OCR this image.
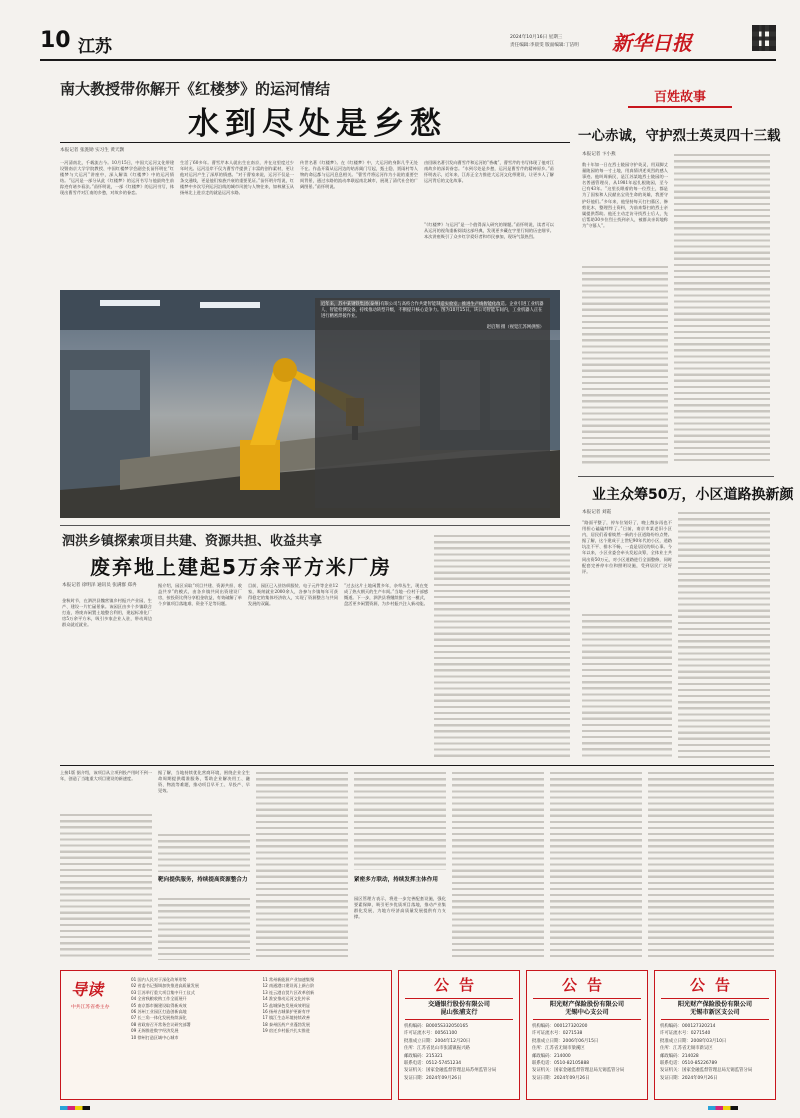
10 江苏	2024年10月16日 星期三
责任编辑:李晨雯 版面编辑:丁洁明 新华日报
南大教授带你解开《红楼梦》的运河情结
水到尽处是乡愁
本报记者 张洮勋 实习生 黄天颢
一河清南北，千载流古今。10月15日，中国大运河文化带建设暨南京大学学院教授、中国红楼梦学会副会长苗怀明在“红楼梦与大运河”讲座中，深入解读《红楼梦》中的运河情结。“运河是一部分从此《红楼梦》的运河书写与他最终生前踪迹有诸多看法。”苗怀明说，一部《红楼梦》的运河书写，体现出曹雪芹对江南的乡愁，对故乡的眷恋。
生活了60多年。曹雪芹本人就出生在南京，并在这里度过少年时光。运河沿岸不仅为曹雪芹提供了丰富的创作素材，更让他对运河产生了深厚的情感。“对于曹家来说，运河不仅是一条交通线，更是他们家族兴衰的重要见证。”苗怀明介绍说，红楼梦中多次写到运河沿线的城市风貌与人物往来，如林黛玉从扬州北上进京走的就是运河水路。
传世名著《红楼梦》。在《红楼梦》中，大运河的身影几乎无处不在。作品开篇从运河边的姑苏阊门写起，甄士隐、贾雨村等人物的命运都与运河息息相关。“曹雪芹将运河作为小说的重要空间背景，通过水路的流动串联起南北城市，展现了清代社会的广阔图景。”苗怀明说。
由回顾名著引发向曹雪芹和运河的“香魂”，曹雪芹的书写体现了他对江南故乡的深切眷恋。“水到尽处是乡愁，运河是曹雪芹的精神原乡。”苗怀明表示，近年来，江苏正全力推进大运河文化带建设，让更多人了解运河背后的文化故事。
“《红楼梦》与运河”是一个值得深入研究的课题。”苗怀明说，读者可以从运河的视角重新阅读这部经典，发现更多藏在字里行间的历史细节。本次讲座吸引了众多红学爱好者和市民参加，现场气氛热烈。
近年来，苏中某钢铁集团(泰州)有限公司与高校合作共建智能制造实验室，推进生产线智能化改造。企业引进工业机器人、智能检测设备，持续推动转型升级，不断提升核心竞争力。图为10月15日，该公司智能车间内，工业机器人正在进行精密焊接作业。
赵启翔 摄（视觉江苏网供图）
百姓故事
一心赤诚，守护烈士英灵四十三载
本报记者 卞小燕
数十年如一日在烈士陵园守护英灵，用双脚丈量陵园的每一寸土地，用真情讲述英烈的感人事迹。他叫周新民，是江苏某地烈士陵园的一名普通管理员，从1981年起扎根陵园，至今已有43年。“这里长眠着的每一位烈士，都是为了国家和人民献出宝贵生命的英雄，我要守护好他们。”多年来，他坚持每天打扫墓区、修剪花木，整理烈士资料，为前来祭扫的烈士亲属提供帮助。他还主动走访寻找烈士后人，先后帮助30多位烈士找到亲人，被群众亲切地称为“守墓人”。
业主众筹50万，小区道路换新颜
本报记者 刘霞
“路面平整了，停车位划好了，晚上散步再也不用担心磕磕绊绊了。”日前，南京市某老旧小区内，居民们看着焕然一新的小区道路纷纷点赞。据了解，这个建成于上世纪90年代的小区，道路坑洼不平、排水不畅，一直是居民的烦心事。今年以来，小区业委会牵头发起众筹，全体业主共同出资50万元，对小区道路进行全面整修，同时配套完善停车位和照明设施，受到居民广泛好评。
泗洪乡镇探索项目共建、资源共担、收益共享
废弃地上建起5万余平方米厂房
本报记者 徐明泽 通讯员 张满群 郑冉
金秋时节，在泗洪县魏营镇乡村振兴产业园，生产、建设一片忙碌景象。该园区由多个乡镇联合打造，将废弃闲置土地整合利用，建起标准化厂房5万余平方米，吸引多家企业入驻，带动周边群众就近就业。
据介绍，园区采取“项目共建、资源共担、收益共享”的模式，由各乡镇共同出资建设厂房，按投资比例分享租金收益，有效破解了单个乡镇项目落地难、资金不足等问题。
目前，园区已入驻纺织服装、电子元件等企业12家，吸纳就业2000余人，各参与乡镇每年可获得稳定的集体经济收入，实现了资源整合与共同发展的双赢。
“过去这片土地闲置多年，杂草丛生，现在变成了热火朝天的生产车间。”当地一位村干部感慨道。下一步，泗洪县将继续推广这一模式，盘活更多闲置资源，为乡村振兴注入新动能。
上接1版 据介绍，该项目从立项到投产用时不到一年，创造了当地重大项目建设的新速度。
据了解，当地持续优化营商环境，围绕企业全生命周期提供精准服务，帮助企业解决用工、融资、物流等难题，推动项目早开工、早投产、早见效。
靶向提供服务，持续提高资源整合力	紧密多方联动，持续发挥主体作用
园区管理方表示，将进一步完善配套设施，强化要素保障，吸引更多优质项目落地，推动产业集群化发展，为地方经济高质量发展提供有力支撑。
导读
中共江苏省委主办
01 国内人民对于深化改革形势
02 省委书记强调加快推进高质量发展
03 江苏举行重大项目集中开工仪式
04 全省秋粮收购工作全面展开
05 南京都市圈建设取得新成效
06 苏州工业园区打造创新高地
07 长三角一体化发展持续深化
08 省政府召开常务会议研究部署
09 无锡推进数字经济发展
10 徐州打造区域中心城市
11 常州新能源产业加速集聚
12 南通港口建设再上新台阶
13 连云港自贸片区改革创新
14 淮安推动运河文化传承
15 盐城绿色发展成效明显
16 扬州古城保护更新有序
17 镇江生态环境持续改善
18 泰州医药产业蓬勃发展
19 宿迁乡村振兴扎实推进
公告
交通银行股份有限公司
昆山张浦支行
机构编码：B0005S332050165
许可证流水号：00561100
批准成立日期：2004年12月20日
住所：江苏省昆山市张浦镇振兴路
邮政编码：215321
联系电话：0512-57451234
发证机关：国家金融监督管理总局苏州监管分局
发证日期：2024年09月26日
公告
阳光财产保险股份有限公司
无锡中心支公司
机构编码：000127320200
许可证流水号：0271538
批准成立日期：2006年06月15日
住所：江苏省无锡市梁溪区
邮政编码：214000
联系电话：0510-82105888
发证机关：国家金融监督管理总局无锡监管分局
发证日期：2024年09月26日
公告
阳光财产保险股份有限公司
无锡市新区支公司
机构编码：000127320214
许可证流水号：0271540
批准成立日期：2008年03月10日
住所：江苏省无锡市新吴区
邮政编码：214028
联系电话：0510-85226789
发证机关：国家金融监督管理总局无锡监管分局
发证日期：2024年09月26日
